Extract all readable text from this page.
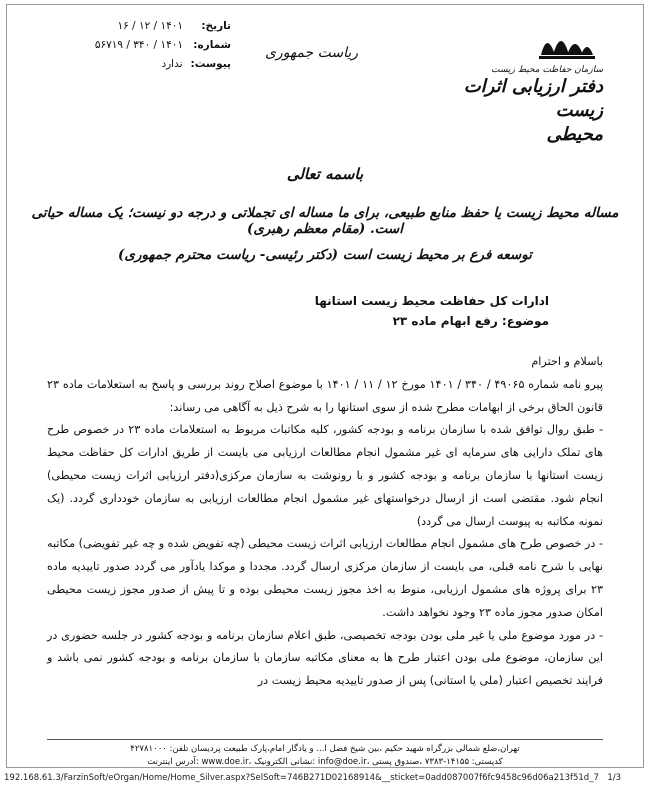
تاریخ:
۱۴۰۱ / ۱۲ / ۱۶
شماره:
۱۴۰۱ / ۳۴۰ / ۵۶۷۱۹
پیوست:
ندارد
ریاست جمهوری
سازمان حفاظت محیط زیست
دفتر ارزیابی اثرات زیست
محیطی
باسمه تعالی
مساله محیط زیست یا حفظ منابع طبیعی، برای ما مساله ای تجملاتی و درجه دو نیست؛ یک مساله حیاتی است. (مقام معظم رهبری)
توسعه فرع بر محیط زیست است (دکتر رئیسی- ریاست محترم جمهوری)
ادارات کل حفاظت محیط زیست استانها
موضوع: رفع ابهام ماده ۲۳

باسلام و احترام

پیرو نامه شماره ۴۹۰۶۵ / ۳۴۰ / ۱۴۰۱ مورخ ۱۲ / ۱۱ / ۱۴۰۱ با موضوع اصلاح روند بررسی و پاسخ به استعلامات ماده ۲۳ قانون الحاق برخی از ابهامات مطرح شده از سوی استانها را به شرح ذیل به آگاهی می رساند:

- طبق روال توافق شده با سازمان برنامه و بودجه کشور، کلیه مکاتبات مربوط به استعلامات ماده ۲۳ در خصوص طرح های تملک دارایی های سرمایه ای غیر مشمول انجام مطالعات ارزیابی می بایست از طریق ادارات کل حفاظت محیط زیست استانها با سازمان برنامه و بودجه کشور و با رونوشت به سازمان مرکزی(دفتر ارزیابی اثرات زیست محیطی) انجام شود. مقتضی است از ارسال درخواستهای غیر مشمول انجام مطالعات ارزیابی به سازمان خودداری گردد. (یک نمونه مکاتبه به پیوست ارسال می گردد)

- در خصوص طرح های مشمول انجام مطالعات ارزیابی اثرات زیست محیطی (چه تفویض شده و چه غیر تفویضی) مکاتبه نهایی با شرح نامه قبلی، می بایست از سازمان مرکزی ارسال گردد. مجددا و موکدا یادآور می گردد صدور تاییدیه ماده ۲۳ برای پروژه های مشمول ارزیابی، منوط به اخذ مجوز زیست محیطی بوده و تا پیش از صدور مجوز زیست محیطی امکان صدور مجوز ماده ۲۳ وجود نخواهد داشت.

- در مورد موضوع ملی یا غیر ملی بودن بودجه تخصیصی، طبق اعلام سازمان برنامه و بودجه کشور در جلسه حضوری در این سازمان، موضوع ملی بودن اعتبار طرح ها به معنای مکاتبه سازمان با سازمان برنامه و بودجه کشور نمی باشد و فرایند تخصیص اعتبار (ملی یا استانی) پس از صدور تاییدیه محیط زیست در

تهران،ضلع شمالی بزرگراه شهید حکیم ،بین شیخ فضل ا... و یادگار امام،پارک طبیعت پردیسان تلفن: ۴۲۷۸۱۰۰۰
کدپستی: ۱۴۱۵۵-۷۳۸۳ ،صندوق پستی ،info@doe.ir :نشانی الکترونیک ،www.doe.ir :آدرس اینترنت
192.168.61.3/FarzinSoft/eOrgan/Home/Home_Silver.aspx?SelSoft=746B271D02168914&__sticket=0add087007f6fc9458c96d06a213f51d_7 1/3
